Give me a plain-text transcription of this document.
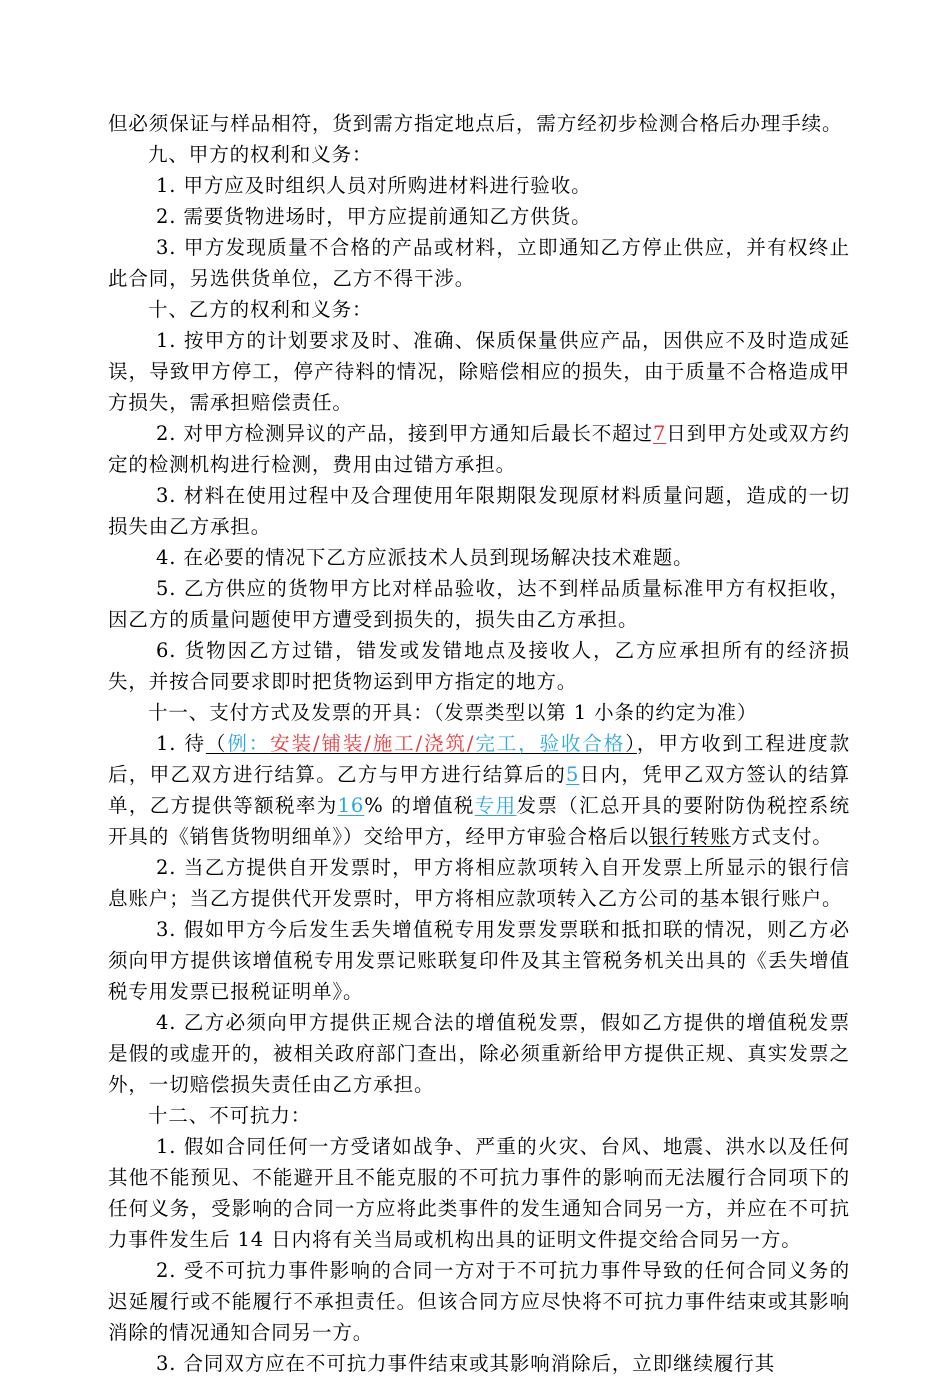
但必须保证与样品相符，货到需方指定地点后，需方经初步检测合格后办理手续。

九、甲方的权利和义务：

1. 甲方应及时组织人员对所购进材料进行验收。

2. 需要货物进场时，甲方应提前通知乙方供货。

3. 甲方发现质量不合格的产品或材料，立即通知乙方停止供应，并有权终止此合同，另选供货单位，乙方不得干涉。

十、乙方的权利和义务：

1. 按甲方的计划要求及时、准确、保质保量供应产品，因供应不及时造成延误，导致甲方停工，停产待料的情况，除赔偿相应的损失，由于质量不合格造成甲方损失，需承担赔偿责任。

2. 对甲方检测异议的产品，接到甲方通知后最长不超过7日到甲方处或双方约定的检测机构进行检测，费用由过错方承担。

3. 材料在使用过程中及合理使用年限期限发现原材料质量问题，造成的一切损失由乙方承担。

4. 在必要的情况下乙方应派技术人员到现场解决技术难题。

5. 乙方供应的货物甲方比对样品验收，达不到样品质量标准甲方有权拒收，因乙方的质量问题使甲方遭受到损失的，损失由乙方承担。

6. 货物因乙方过错，错发或发错地点及接收人，乙方应承担所有的经济损失，并按合同要求即时把货物运到甲方指定的地方。

十一、支付方式及发票的开具：（发票类型以第 1 小条的约定为准）

1. 待（例：安装/铺装/施工/浇筑/完工，验收合格），甲方收到工程进度款后，甲乙双方进行结算。乙方与甲方进行结算后的5日内，凭甲乙双方签认的结算单，乙方提供等额税率为16% 的增值税专用发票（汇总开具的要附防伪税控系统开具的《销售货物明细单》）交给甲方，经甲方审验合格后以银行转账方式支付。

2. 当乙方提供自开发票时，甲方将相应款项转入自开发票上所显示的银行信息账户；当乙方提供代开发票时，甲方将相应款项转入乙方公司的基本银行账户。

3. 假如甲方今后发生丢失增值税专用发票发票联和抵扣联的情况，则乙方必须向甲方提供该增值税专用发票记账联复印件及其主管税务机关出具的《丢失增值税专用发票已报税证明单》。

4. 乙方必须向甲方提供正规合法的增值税发票，假如乙方提供的增值税发票是假的或虚开的，被相关政府部门查出，除必须重新给甲方提供正规、真实发票之外，一切赔偿损失责任由乙方承担。

十二、不可抗力：

1. 假如合同任何一方受诸如战争、严重的火灾、台风、地震、洪水以及任何其他不能预见、不能避开且不能克服的不可抗力事件的影响而无法履行合同项下的任何义务，受影响的合同一方应将此类事件的发生通知合同另一方，并应在不可抗力事件发生后 14 日内将有关当局或机构出具的证明文件提交给合同另一方。

2. 受不可抗力事件影响的合同一方对于不可抗力事件导致的任何合同义务的迟延履行或不能履行不承担责任。但该合同方应尽快将不可抗力事件结束或其影响消除的情况通知合同另一方。

3. 合同双方应在不可抗力事件结束或其影响消除后，立即继续履行其
